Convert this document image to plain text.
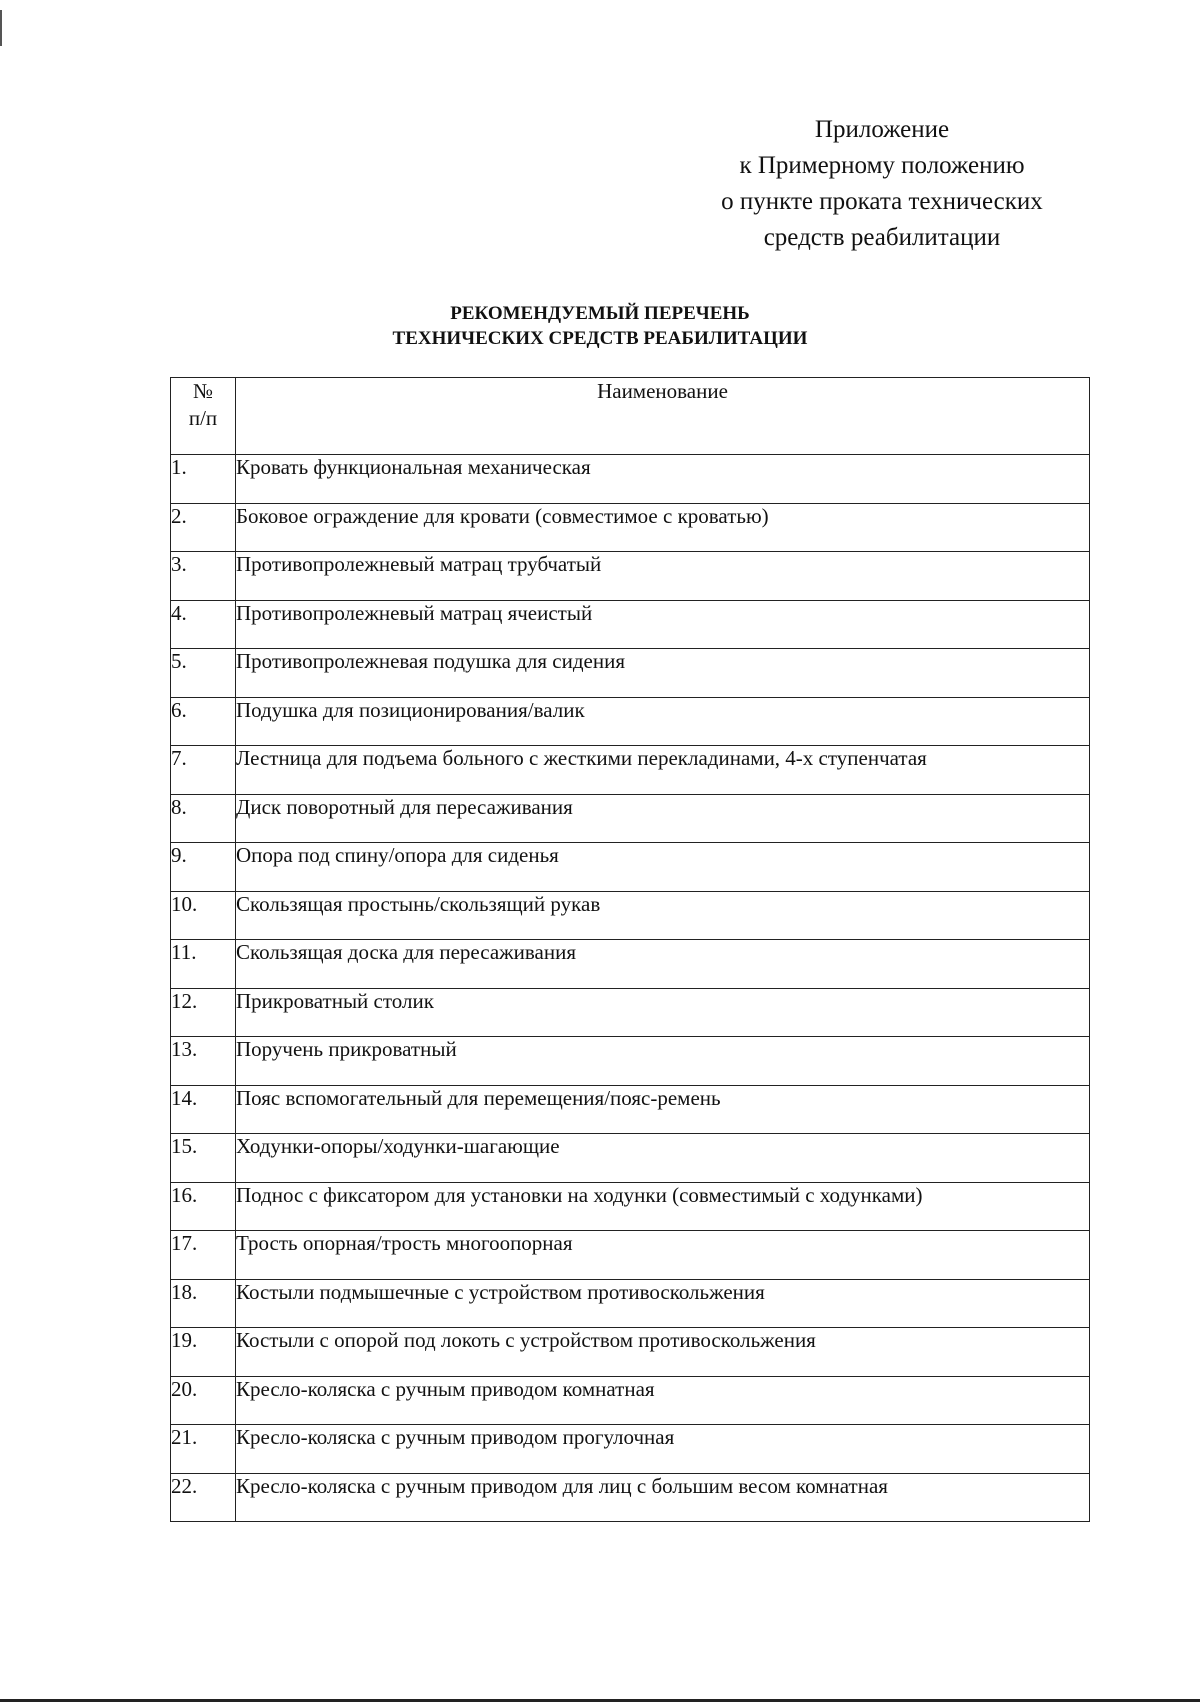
Приложение
к Примерному положению
о пункте проката технических
средств реабилитации
РЕКОМЕНДУЕМЫЙ ПЕРЕЧЕНЬ
ТЕХНИЧЕСКИХ СРЕДСТВ РЕАБИЛИТАЦИИ
№
п/п	Наименование
1.	Кровать функциональная механическая
2.	Боковое ограждение для кровати (совместимое с кроватью)
3.	Противопролежневый матрац трубчатый
4.	Противопролежневый матрац ячеистый
5.	Противопролежневая подушка для сидения
6.	Подушка для позиционирования/валик
7.	Лестница для подъема больного с жесткими перекладинами, 4-х ступенчатая
8.	Диск поворотный для пересаживания
9.	Опора под спину/опора для сиденья
10.	Скользящая простынь/скользящий рукав
11.	Скользящая доска для пересаживания
12.	Прикроватный столик
13.	Поручень прикроватный
14.	Пояс вспомогательный для перемещения/пояс-ремень
15.	Ходунки-опоры/ходунки-шагающие
16.	Поднос с фиксатором для установки на ходунки (совместимый с ходунками)
17.	Трость опорная/трость многоопорная
18.	Костыли подмышечные с устройством противоскольжения
19.	Костыли с опорой под локоть с устройством противоскольжения
20.	Кресло-коляска с ручным приводом комнатная
21.	Кресло-коляска с ручным приводом прогулочная
22.	Кресло-коляска с ручным приводом для лиц с большим весом комнатная
